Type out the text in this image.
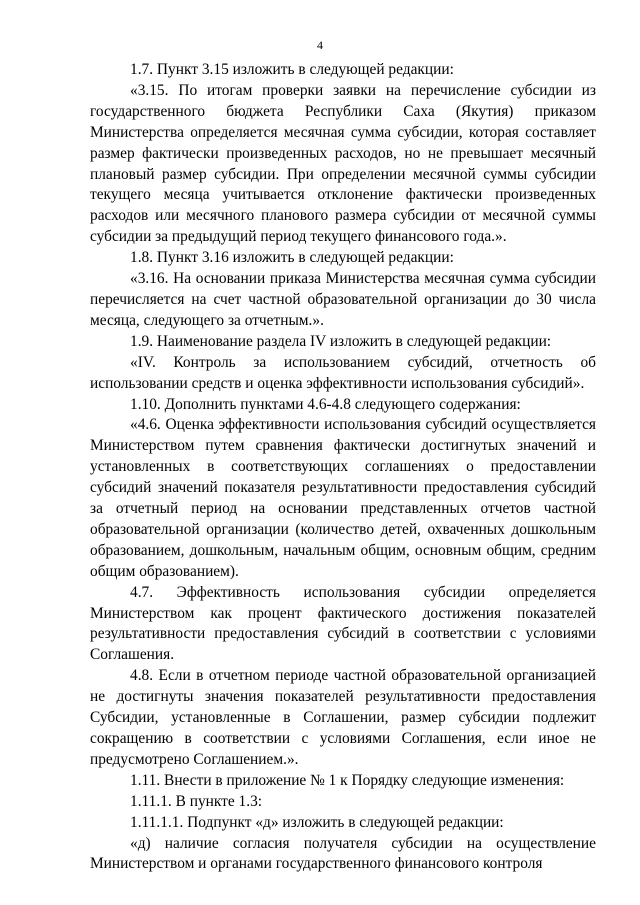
4

1.7. Пункт 3.15 изложить в следующей редакции:

«3.15. По итогам проверки заявки на перечисление субсидии из государственного бюджета Республики Саха (Якутия) приказом Министерства определяется месячная сумма субсидии, которая составляет размер фактически произведенных расходов, но не превышает месячный плановый размер субсидии. При определении месячной суммы субсидии текущего месяца учитывается отклонение фактически произведенных расходов или месячного планового размера субсидии от месячной суммы субсидии за предыдущий период текущего финансового года.».

1.8. Пункт 3.16 изложить в следующей редакции:

«3.16. На основании приказа Министерства месячная сумма субсидии перечисляется на счет частной образовательной организации до 30 числа месяца, следующего за отчетным.».

1.9. Наименование раздела IV изложить в следующей редакции:

«IV. Контроль за использованием субсидий, отчетность об использовании средств и оценка эффективности использования субсидий».

1.10. Дополнить пунктами 4.6-4.8 следующего содержания:

«4.6. Оценка эффективности использования субсидий осуществляется Министерством путем сравнения фактически достигнутых значений и установленных в соответствующих соглашениях о предоставлении субсидий значений показателя результативности предоставления субсидий за отчетный период на основании представленных отчетов частной образовательной организации (количество детей, охваченных дошкольным образованием, дошкольным, начальным общим, основным общим, средним общим образованием).

4.7. Эффективность использования субсидии определяется Министерством как процент фактического достижения показателей результативности предоставления субсидий в соответствии с условиями Соглашения.

4.8. Если в отчетном периоде частной образовательной организацией не достигнуты значения показателей результативности предоставления Субсидии, установленные в Соглашении, размер субсидии подлежит сокращению в соответствии с условиями Соглашения, если иное не предусмотрено Соглашением.».

1.11. Внести в приложение № 1 к Порядку следующие изменения:

1.11.1. В пункте 1.3:

1.11.1.1. Подпункт «д» изложить в следующей редакции:

«д) наличие согласия получателя субсидии на осуществление Министерством и органами государственного финансового контроля
